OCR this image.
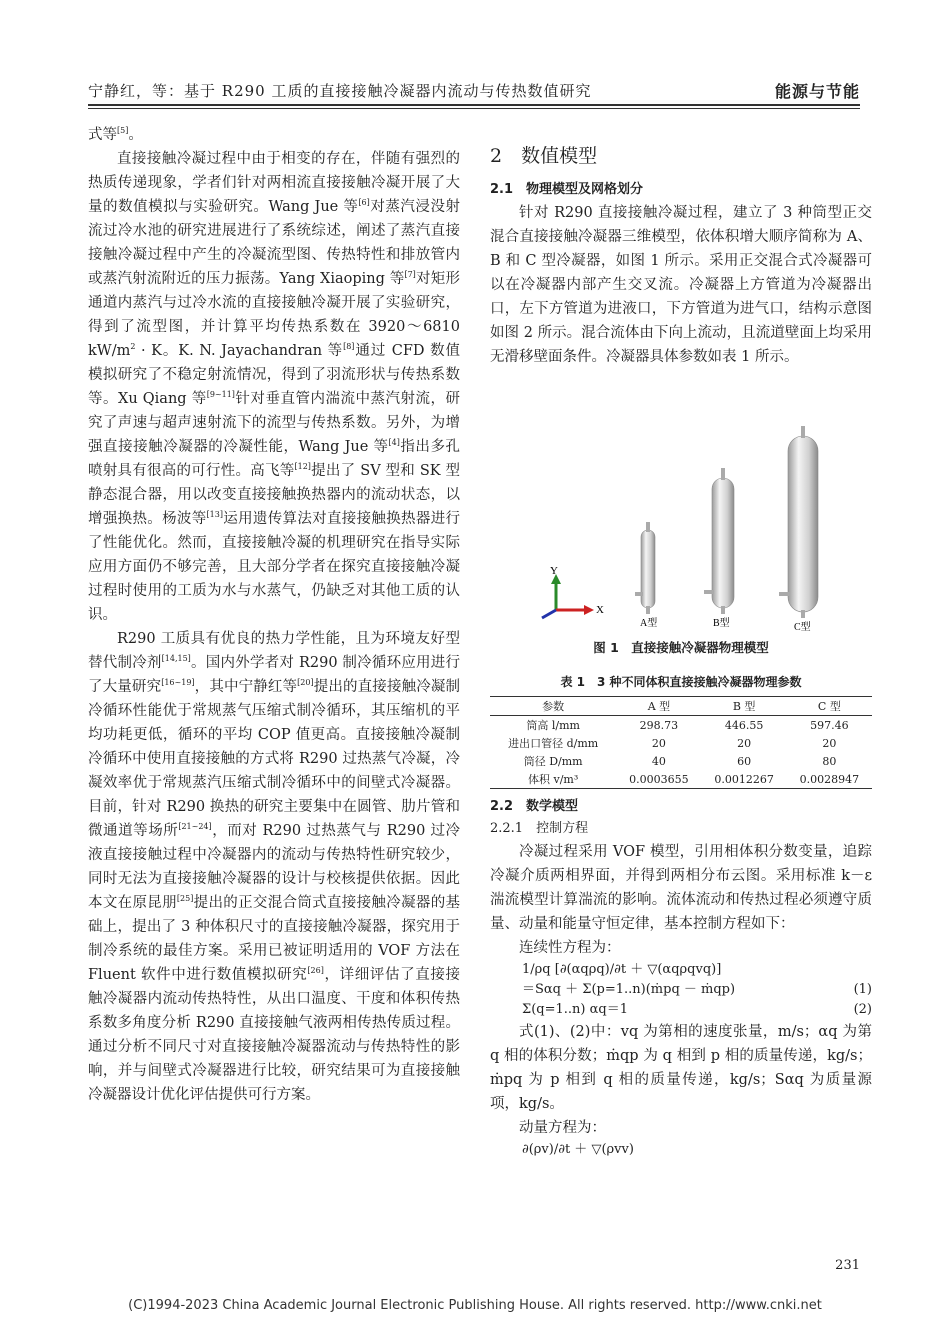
宁静红，等：基于 R290 工质的直接接触冷凝器内流动与传热数值研究	能源与节能

式等[5]。

直接接触冷凝过程中由于相变的存在，伴随有强烈的热质传递现象，学者们针对两相流直接接触冷凝开展了大量的数值模拟与实验研究。Wang Jue 等[6]对蒸汽浸没射流过冷水池的研究进展进行了系统综述，阐述了蒸汽直接接触冷凝过程中产生的冷凝流型图、传热特性和排放管内或蒸汽射流附近的压力振荡。Yang Xiaoping 等[7]对矩形通道内蒸汽与过冷水流的直接接触冷凝开展了实验研究，得到了流型图，并计算平均传热系数在 3920～6810 $kW/m^2 \cdot K$。K. N. Jayachandran 等[8]通过 CFD 数值模拟研究了不稳定射流情况，得到了羽流形状与传热系数等。Xu Qiang 等[9~11]针对垂直管内湍流中蒸汽射流，研究了声速与超声速射流下的流型与传热系数。另外，为增强直接接触冷凝器的冷凝性能，Wang Jue 等[4]指出多孔喷射具有很高的可行性。高飞等[12]提出了 SV 型和 SK 型静态混合器，用以改变直接接触换热器内的流动状态，以增强换热。杨波等[13]运用遗传算法对直接接触换热器进行了性能优化。然而，直接接触冷凝的机理研究在指导实际应用方面仍不够完善，且大部分学者在探究直接接触冷凝过程时使用的工质为水与水蒸气，仍缺乏对其他工质的认识。

R290 工质具有优良的热力学性能，且为环境友好型替代制冷剂[14,15]。国内外学者对 R290 制冷循环应用进行了大量研究[16~19]，其中宁静红等[20]提出的直接接触冷凝制冷循环性能优于常规蒸气压缩式制冷循环，其压缩机的平均功耗更低，循环的平均 COP 值更高。直接接触冷凝制冷循环中使用直接接触的方式将 R290 过热蒸气冷凝，冷凝效率优于常规蒸汽压缩式制冷循环中的间壁式冷凝器。目前，针对 R290 换热的研究主要集中在圆管、肋片管和微通道等场所[21~24]，而对 R290 过热蒸气与 R290 过冷液直接接触过程中冷凝器内的流动与传热特性研究较少，同时无法为直接接触冷凝器的设计与校核提供依据。因此本文在原昆朋[25]提出的正交混合筒式直接接触冷凝器的基础上，提出了 3 种体积尺寸的直接接触冷凝器，探究用于制冷系统的最佳方案。采用已被证明适用的 VOF 方法在 Fluent 软件中进行数值模拟研究[26]，详细评估了直接接触冷凝器内流动传热特性，从出口温度、干度和体积传热系数多角度分析 R290 直接接触气液两相传热传质过程。通过分析不同尺寸对直接接触冷凝器流动与传热特性的影响，并与间壁式冷凝器进行比较，研究结果可为直接接触冷凝器设计优化评估提供可行方案。

2　数值模型
2.1　物理模型及网格划分

针对 R290 直接接触冷凝过程，建立了 3 种筒型正交混合直接接触冷凝器三维模型，依体积增大顺序简称为 A、B 和 C 型冷凝器，如图 1 所示。采用正交混合式冷凝器可以在冷凝器内部产生交叉流。冷凝器上方管道为冷凝器出口，左下方管道为进液口，下方管道为进气口，结构示意图如图 2 所示。混合流体由下向上流动，且流道壁面上均采用无滑移壁面条件。冷凝器具体参数如表 1 所示。

Y
X
A型	B型	C型
图 1　直接接触冷凝器物理模型
表 1　3 种不同体积直接接触冷凝器物理参数
参数	A 型	B 型	C 型
筒高 l/mm	298.73	446.55	597.46
进出口管径 d/mm	20	20	20
筒径 D/mm	40	60	80
体积 v/m³	0.0003655	0.0012267	0.0028947
2.2　数学模型
2.2.1　控制方程

冷凝过程采用 VOF 模型，引用相体积分数变量，追踪冷凝介质两相界面，并得到两相分布云图。采用标准 k－ε 湍流模型计算湍流的影响。流体流动和传热过程必须遵守质量、动量和能量守恒定律，基本控制方程如下：

连续性方程为：

1/ρq [∂(αqρq)/∂t ＋ ▽(αqρqvq)]
＝Sαq ＋ Σ(p=1..n)(ṁpq － ṁqp)	(1)
Σ(q=1..n) αq＝1	(2)

式(1)、(2)中：vq 为第相的速度张量，m/s；αq 为第 q 相的体积分数；ṁqp 为 q 相到 p 相的质量传递，kg/s；ṁpq 为 p 相到 q 相的质量传递，kg/s；Sαq 为质量源项，kg/s。

动量方程为：

∂(ρv)/∂t ＋ ▽(ρvv)
231
(C)1994-2023 China Academic Journal Electronic Publishing House. All rights reserved. http://www.cnki.net
